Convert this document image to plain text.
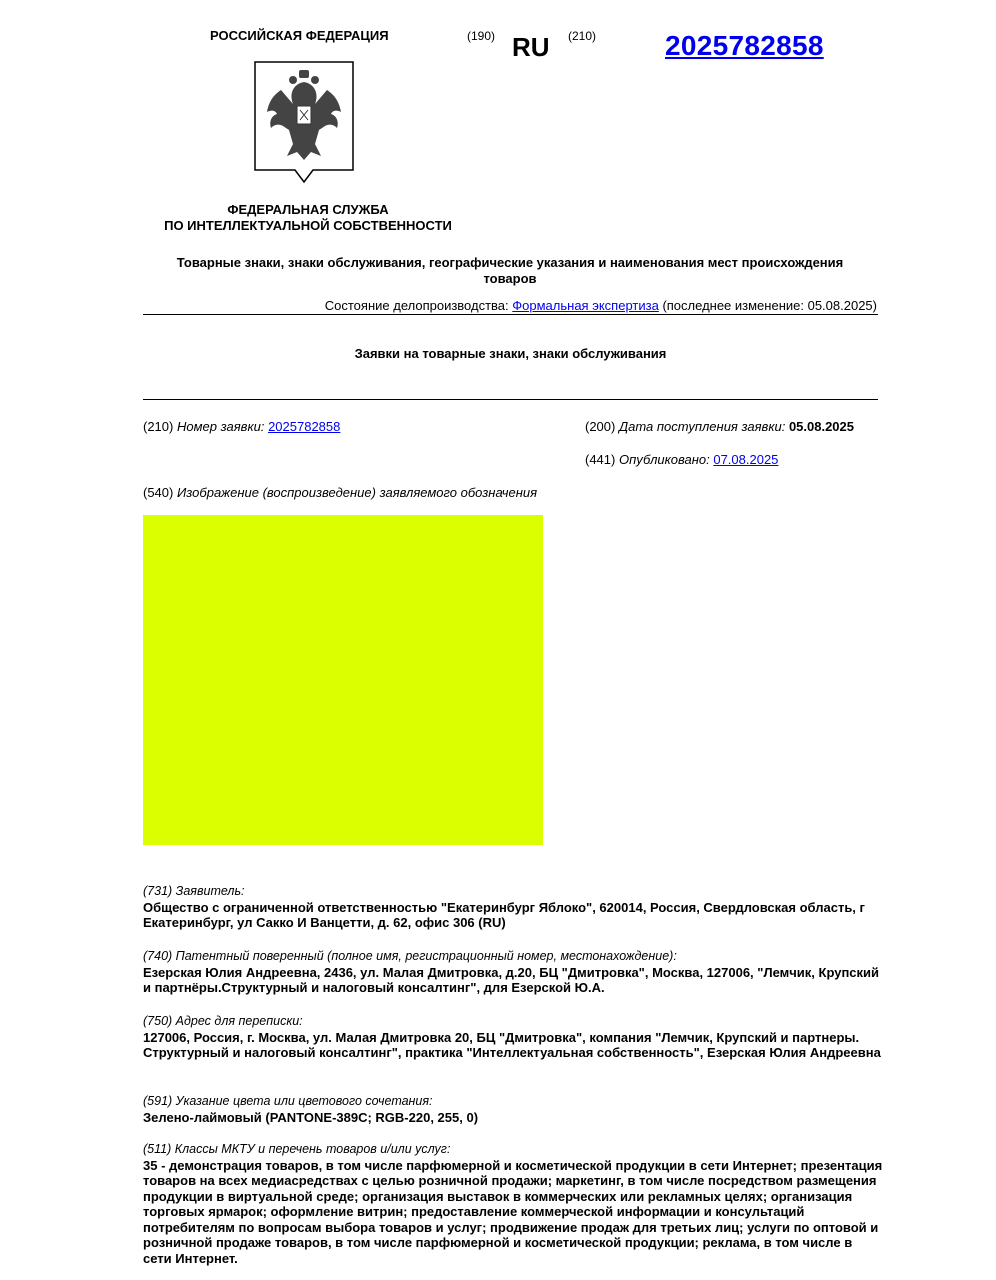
РОССИЙСКАЯ ФЕДЕРАЦИЯ	(190) RU (210) 2025782858
ФЕДЕРАЛЬНАЯ СЛУЖБА
ПО ИНТЕЛЛЕКТУАЛЬНОЙ СОБСТВЕННОСТИ
Товарные знаки, знаки обслуживания, географические указания и наименования мест происхождения товаров
Состояние делопроизводства: Формальная экспертиза (последнее изменение: 05.08.2025)
Заявки на товарные знаки, знаки обслуживания
(210) Номер заявки: 2025782858	(200) Дата поступления заявки: 05.08.2025
(441) Опубликовано: 07.08.2025
(540) Изображение (воспроизведение) заявляемого обозначения
(731) Заявитель:
Общество с ограниченной ответственностью "Екатеринбург Яблоко", 620014, Россия, Свердловская область, г Екатеринбург, ул Сакко И Ванцетти, д. 62, офис 306 (RU)
(740) Патентный поверенный (полное имя, регистрационный номер, местонахождение):
Езерская Юлия Андреевна, 2436, ул. Малая Дмитровка, д.20, БЦ "Дмитровка", Москва, 127006, "Лемчик, Крупский и партнёры.Структурный и налоговый консалтинг", для Езерской Ю.А.
(750) Адрес для переписки:
127006, Россия, г. Москва, ул. Малая Дмитровка 20, БЦ "Дмитровка", компания "Лемчик, Крупский и партнеры. Структурный и налоговый консалтинг", практика "Интеллектуальная собственность", Езерская Юлия Андреевна
(591) Указание цвета или цветового сочетания:
Зелено-лаймовый (PANTONE-389C; RGB-220, 255, 0)
(511) Классы МКТУ и перечень товаров и/или услуг:
35 - демонстрация товаров, в том числе парфюмерной и косметической продукции в сети Интернет; презентация товаров на всех медиасредствах с целью розничной продажи; маркетинг, в том числе посредством размещения продукции в виртуальной среде; организация выставок в коммерческих или рекламных целях; организация торговых ярмарок; оформление витрин; предоставление коммерческой информации и консультаций потребителям по вопросам выбора товаров и услуг; продвижение продаж для третьих лиц; услуги по оптовой и розничной продаже товаров, в том числе парфюмерной и косметической продукции; реклама, в том числе в сети Интернет.
